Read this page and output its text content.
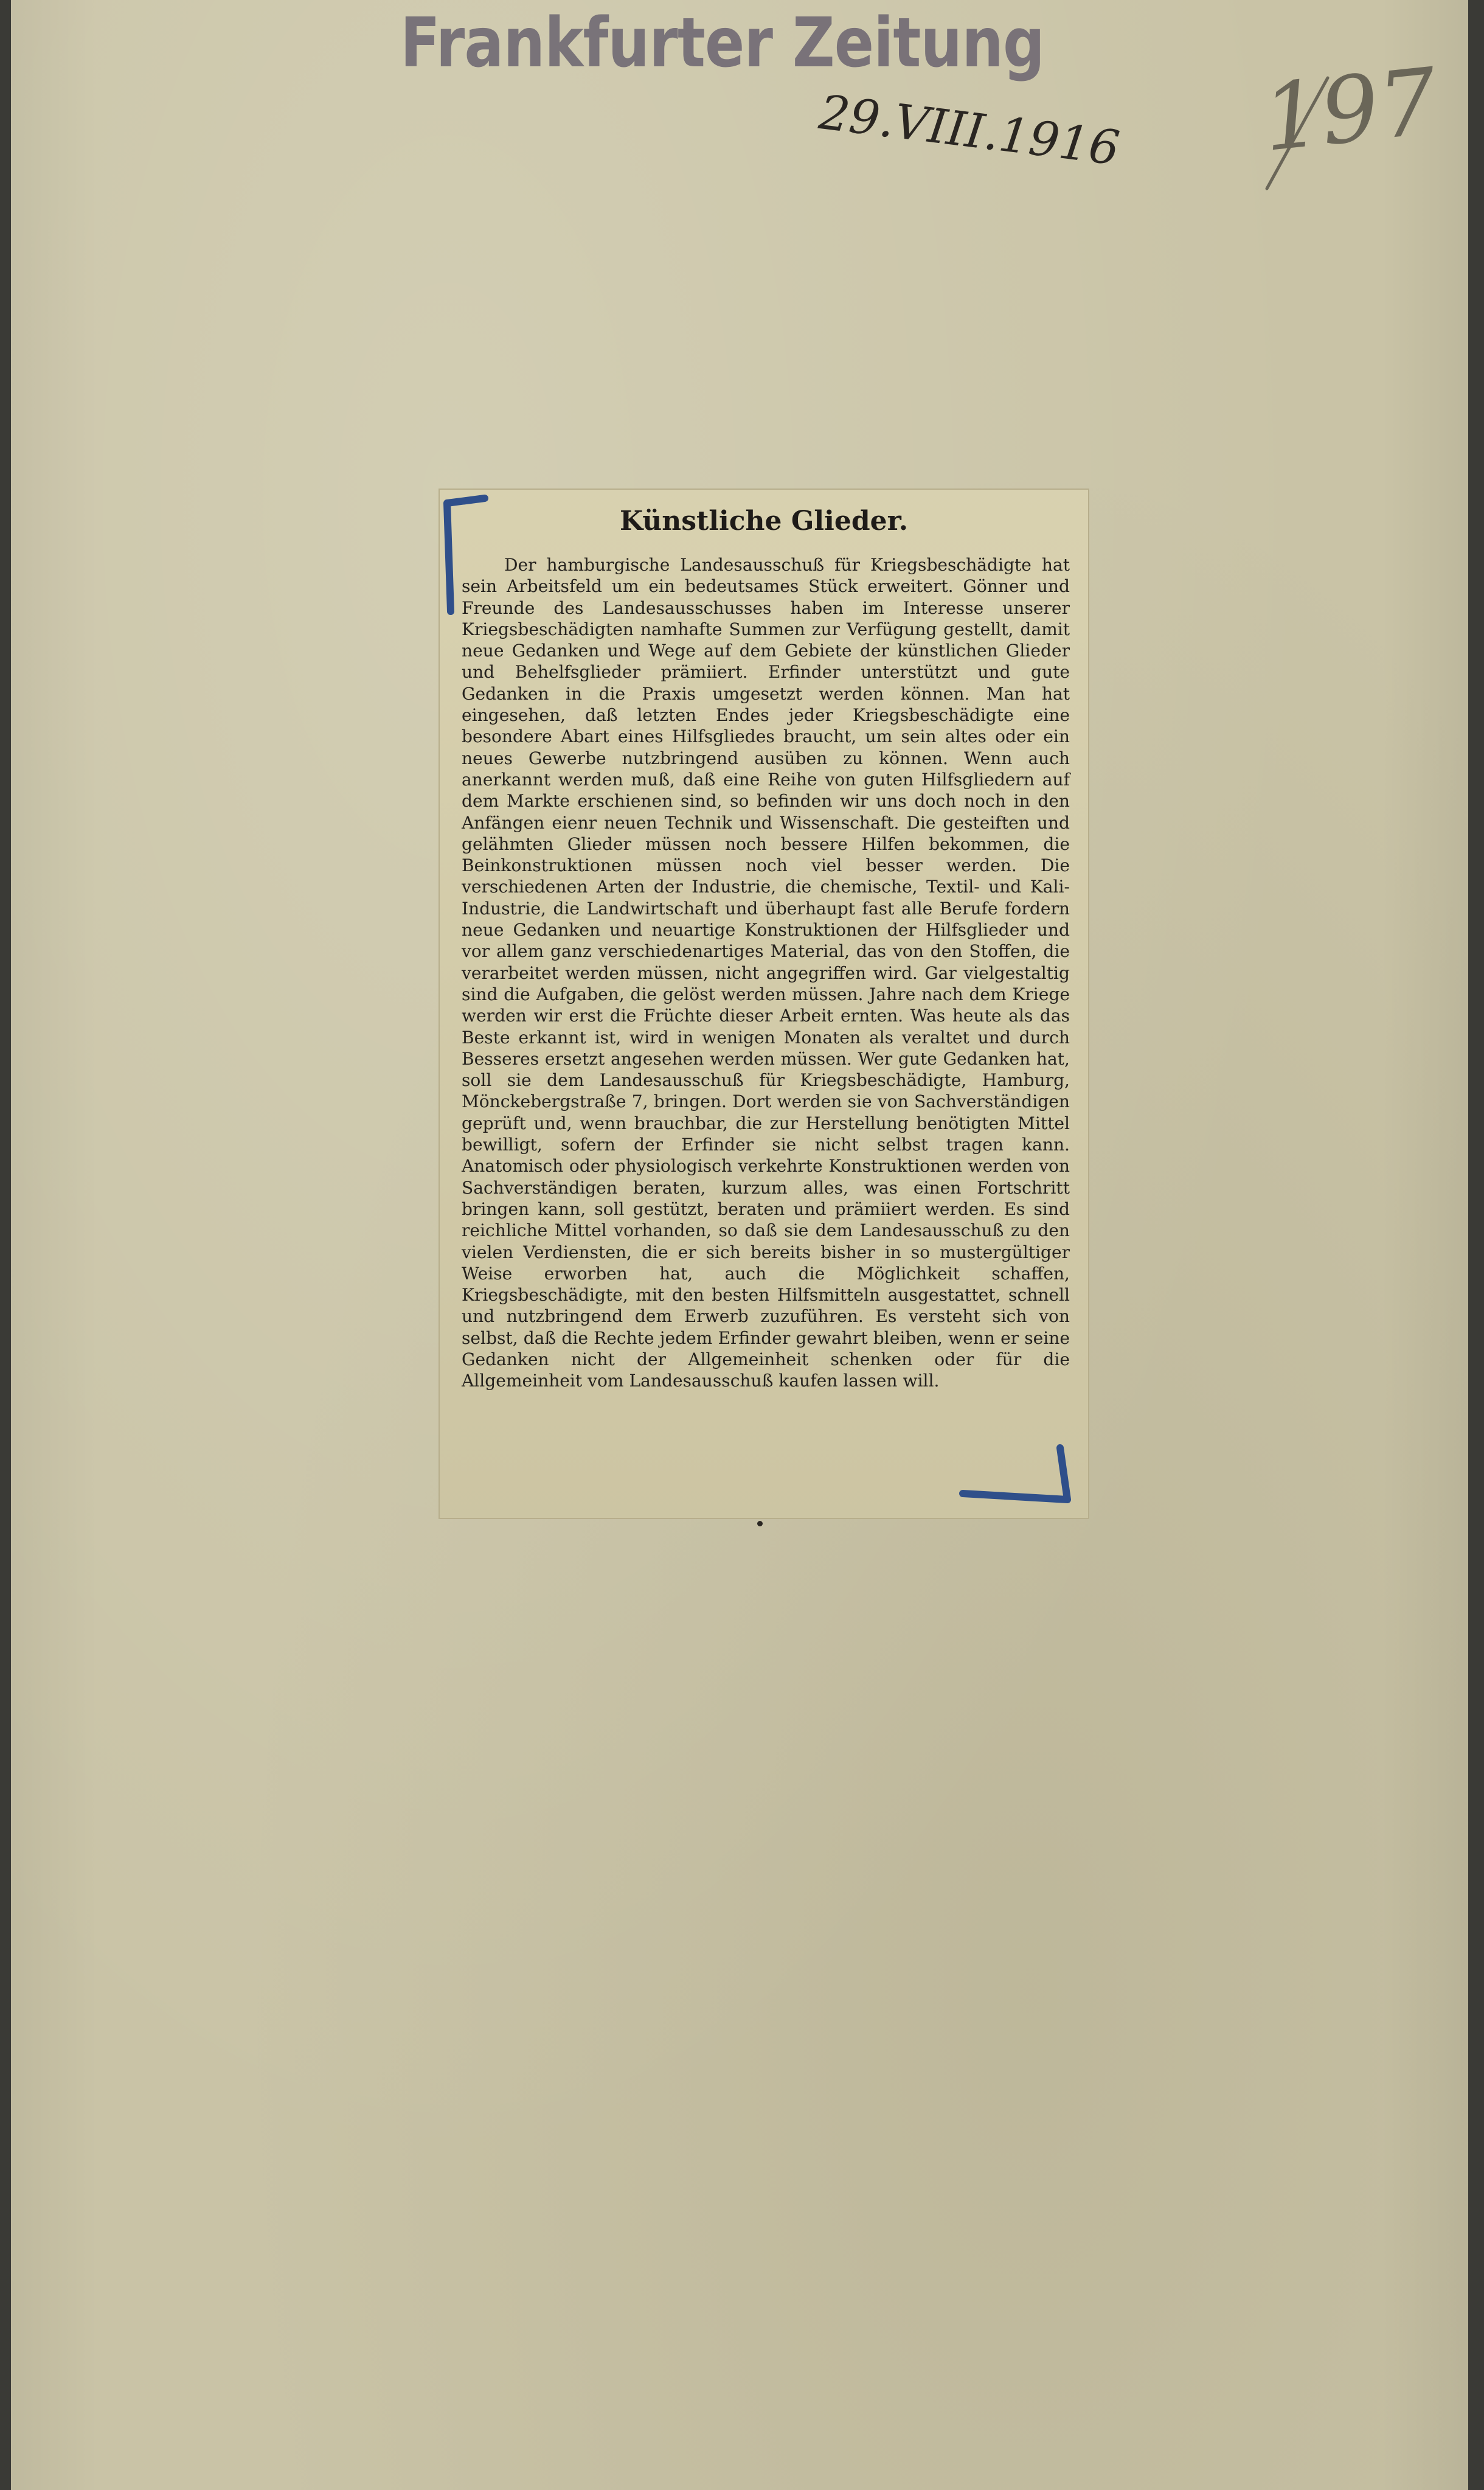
Frankfurter Zeitung
29.VIII.1916 197
Künstliche Glieder.

Der hamburgische Landesausschuß für Kriegsbeschädigte hat sein Arbeitsfeld um ein bedeutsames Stück erweitert. Gönner und Freunde des Landesausschusses haben im Interesse unserer Kriegsbeschädigten namhafte Summen zur Verfügung gestellt, damit neue Gedanken und Wege auf dem Gebiete der künstlichen Glieder und Behelfsglieder prämiiert. Erfinder unterstützt und gute Gedanken in die Praxis umgesetzt werden können. Man hat eingesehen, daß letzten Endes jeder Kriegsbeschädigte eine besondere Abart eines Hilfsgliedes braucht, um sein altes oder ein neues Gewerbe nutzbringend ausüben zu können. Wenn auch anerkannt werden muß, daß eine Reihe von guten Hilfsgliedern auf dem Markte erschienen sind, so befinden wir uns doch noch in den Anfängen eienr neuen Technik und Wissenschaft. Die gesteiften und gelähmten Glieder müssen noch bessere Hilfen bekommen, die Beinkonstruktionen müssen noch viel besser werden. Die verschiedenen Arten der Industrie, die chemische, Textil- und Kali-Industrie, die Landwirtschaft und überhaupt fast alle Berufe fordern neue Gedanken und neuartige Konstruktionen der Hilfsglieder und vor allem ganz verschiedenartiges Material, das von den Stoffen, die verarbeitet werden müssen, nicht angegriffen wird. Gar vielgestaltig sind die Aufgaben, die gelöst werden müssen. Jahre nach dem Kriege werden wir erst die Früchte dieser Arbeit ernten. Was heute als das Beste erkannt ist, wird in wenigen Monaten als veraltet und durch Besseres ersetzt angesehen werden müssen. Wer gute Gedanken hat, soll sie dem Landesausschuß für Kriegsbeschädigte, Hamburg, Mönckebergstraße 7, bringen. Dort werden sie von Sachverständigen geprüft und, wenn brauchbar, die zur Herstellung benötigten Mittel bewilligt, sofern der Erfinder sie nicht selbst tragen kann. Anatomisch oder physiologisch verkehrte Konstruktionen werden von Sachverständigen beraten, kurzum alles, was einen Fortschritt bringen kann, soll gestützt, beraten und prämiiert werden. Es sind reichliche Mittel vorhanden, so daß sie dem Landesausschuß zu den vielen Verdiensten, die er sich bereits bisher in so mustergültiger Weise erworben hat, auch die Möglichkeit schaffen, Kriegsbeschädigte, mit den besten Hilfsmitteln ausgestattet, schnell und nutzbringend dem Erwerb zuzuführen. Es versteht sich von selbst, daß die Rechte jedem Erfinder gewahrt bleiben, wenn er seine Gedanken nicht der Allgemeinheit schenken oder für die Allgemeinheit vom Landesausschuß kaufen lassen will.
